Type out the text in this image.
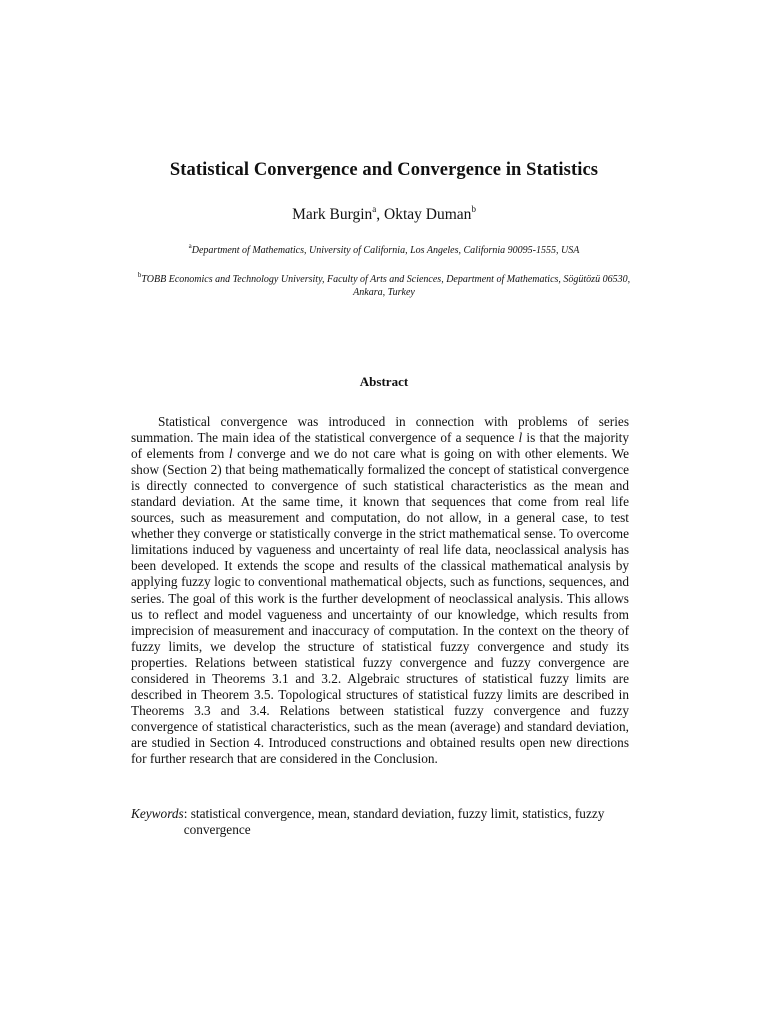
Statistical Convergence and Convergence in Statistics
Mark Burgin$^a$, Oktay Duman$^b$
$^a$Department of Mathematics, University of California, Los Angeles, California 90095-1555, USA
$^b$TOBB Economics and Technology University, Faculty of Arts and Sciences, Department of Mathematics, Sögütözü 06530, Ankara, Turkey
Abstract

Statistical convergence was introduced in connection with problems of series summation. The main idea of the statistical convergence of a sequence l is that the majority of elements from l converge and we do not care what is going on with other elements. We show (Section 2) that being mathematically formalized the concept of statistical convergence is directly connected to convergence of such statistical characteristics as the mean and standard deviation. At the same time, it known that sequences that come from real life sources, such as measurement and computation, do not allow, in a general case, to test whether they converge or statistically converge in the strict mathematical sense. To overcome limitations induced by vagueness and uncertainty of real life data, neoclassical analysis has been developed. It extends the scope and results of the classical mathematical analysis by applying fuzzy logic to conventional mathematical objects, such as functions, sequences, and series. The goal of this work is the further development of neoclassical analysis. This allows us to reflect and model vagueness and uncertainty of our knowledge, which results from imprecision of measurement and inaccuracy of computation. In the context on the theory of fuzzy limits, we develop the structure of statistical fuzzy convergence and study its properties. Relations between statistical fuzzy convergence and fuzzy convergence are considered in Theorems 3.1 and 3.2. Algebraic structures of statistical fuzzy limits are described in Theorem 3.5. Topological structures of statistical fuzzy limits are described in Theorems 3.3 and 3.4. Relations between statistical fuzzy convergence and fuzzy convergence of statistical characteristics, such as the mean (average) and standard deviation, are studied in Section 4. Introduced constructions and obtained results open new directions for further research that are considered in the Conclusion.

Keywords : statistical convergence, mean, standard deviation, fuzzy limit, statistics, fuzzy convergence
